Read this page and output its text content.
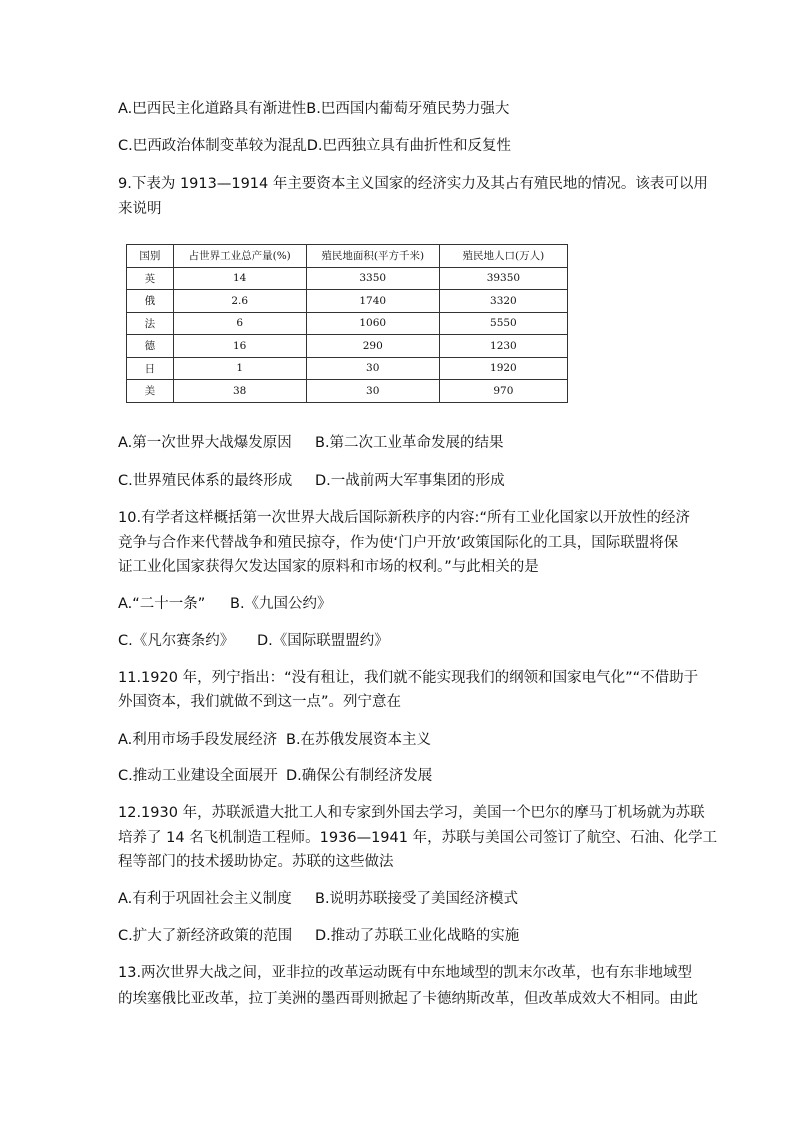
A.巴西民主化道路具有渐进性B.巴西国内葡萄牙殖民势力强大
C.巴西政治体制变革较为混乱D.巴西独立具有曲折性和反复性
9.下表为 1913—1914 年主要资本主义国家的经济实力及其占有殖民地的情况。该表可以用
来说明
国别	占世界工业总产量(%)	殖民地面积(平方千米)	殖民地人口(万人)
英	14	3350	39350
俄	2.6	1740	3320
法	6	1060	5550
德	16	290	1230
日	1	30	1920
美	38	30	970
A.第一次世界大战爆发原因 B.第二次工业革命发展的结果
C.世界殖民体系的最终形成 D.一战前两大军事集团的形成
10.有学者这样概括第一次世界大战后国际新秩序的内容:“所有工业化国家以开放性的经济
竞争与合作来代替战争和殖民掠夺，作为使‘门户开放’政策国际化的工具，国际联盟将保
证工业化国家获得欠发达国家的原料和市场的权利。”与此相关的是
A.“二十一条” B.《九国公约》
C.《凡尔赛条约》 D.《国际联盟盟约》
11.1920 年，列宁指出：“没有租让，我们就不能实现我们的纲领和国家电气化”“不借助于
外国资本，我们就做不到这一点”。列宁意在
A.利用市场手段发展经济 B.在苏俄发展资本主义
C.推动工业建设全面展开 D.确保公有制经济发展
12.1930 年，苏联派遣大批工人和专家到外国去学习，美国一个巴尔的摩马丁机场就为苏联
培养了 14 名飞机制造工程师。1936—1941 年，苏联与美国公司签订了航空、石油、化学工
程等部门的技术援助协定。苏联的这些做法
A.有利于巩固社会主义制度 B.说明苏联接受了美国经济模式
C.扩大了新经济政策的范围 D.推动了苏联工业化战略的实施
13.两次世界大战之间，亚非拉的改革运动既有中东地域型的凯末尔改革，也有东非地域型
的埃塞俄比亚改革，拉丁美洲的墨西哥则掀起了卡德纳斯改革，但改革成效大不相同。由此
